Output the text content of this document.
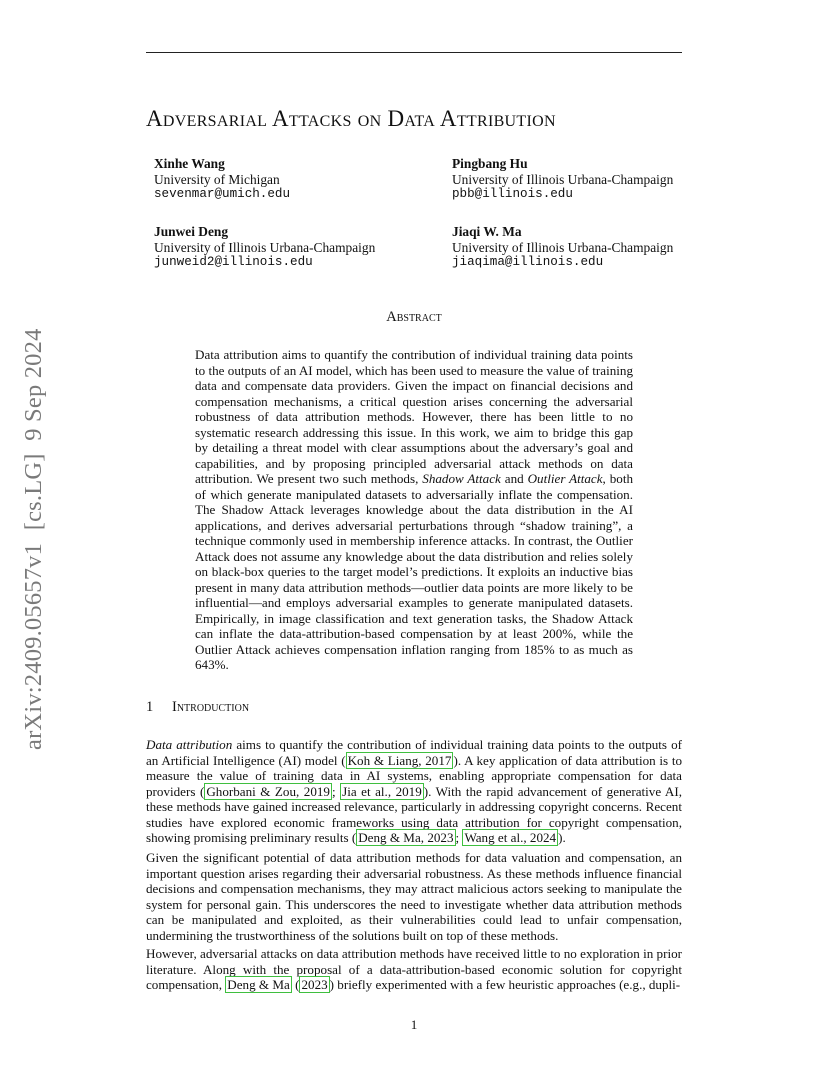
Adversarial Attacks on Data Attribution
arXiv:2409.05657v1  [cs.LG]  9 Sep 2024
Xinhe Wang
University of Michigan
sevenmar@umich.edu
Pingbang Hu
University of Illinois Urbana-Champaign
pbb@illinois.edu
Junwei Deng
University of Illinois Urbana-Champaign
junweid2@illinois.edu
Jiaqi W. Ma
University of Illinois Urbana-Champaign
jiaqima@illinois.edu
Abstract
Data attribution aims to quantify the contribution of individual training data points to the outputs of an AI model, which has been used to measure the value of training data and compensate data providers. Given the impact on financial decisions and compensation mechanisms, a critical question arises concerning the adversarial robustness of data attribution methods. However, there has been little to no systematic research addressing this issue. In this work, we aim to bridge this gap by detailing a threat model with clear assumptions about the adversary’s goal and capabilities, and by proposing principled adversarial attack methods on data attribution. We present two such methods, Shadow Attack and Outlier Attack, both of which generate manipulated datasets to adversarially inflate the compensation. The Shadow Attack leverages knowledge about the data distribution in the AI applications, and derives adversarial perturbations through “shadow training”, a technique commonly used in membership inference attacks. In contrast, the Outlier Attack does not assume any knowledge about the data distribution and relies solely on black-box queries to the target model’s predictions. It exploits an inductive bias present in many data attribution methods—outlier data points are more likely to be influential—and employs adversarial examples to generate manipulated datasets. Empirically, in image classification and text generation tasks, the Shadow Attack can inflate the data-attribution-based compensation by at least 200%, while the Outlier Attack achieves compensation inflation ranging from 185% to as much as 643%.
1 Introduction
Data attribution aims to quantify the contribution of individual training data points to the outputs of an Artificial Intelligence (AI) model ( Koh & Liang, 2017 ). A key application of data attribution is to measure the value of training data in AI systems, enabling appropriate compensation for data providers ( Ghorbani & Zou, 2019 ; Jia et al., 2019 ). With the rapid advancement of generative AI, these methods have gained increased relevance, particularly in addressing copyright concerns. Recent studies have explored economic frameworks using data attribution for copyright compensation, showing promising preliminary results ( Deng & Ma, 2023 ; Wang et al., 2024 ).
Given the significant potential of data attribution methods for data valuation and compensation, an important question arises regarding their adversarial robustness. As these methods influence financial decisions and compensation mechanisms, they may attract malicious actors seeking to manipulate the system for personal gain. This underscores the need to investigate whether data attribution methods can be manipulated and exploited, as their vulnerabilities could lead to unfair compensation, undermining the trustworthiness of the solutions built on top of these methods.
However, adversarial attacks on data attribution methods have received little to no exploration in prior literature. Along with the proposal of a data-attribution-based economic solution for copyright compensation, Deng & Ma ( 2023 ) briefly experimented with a few heuristic approaches (e.g., dupli-
1
